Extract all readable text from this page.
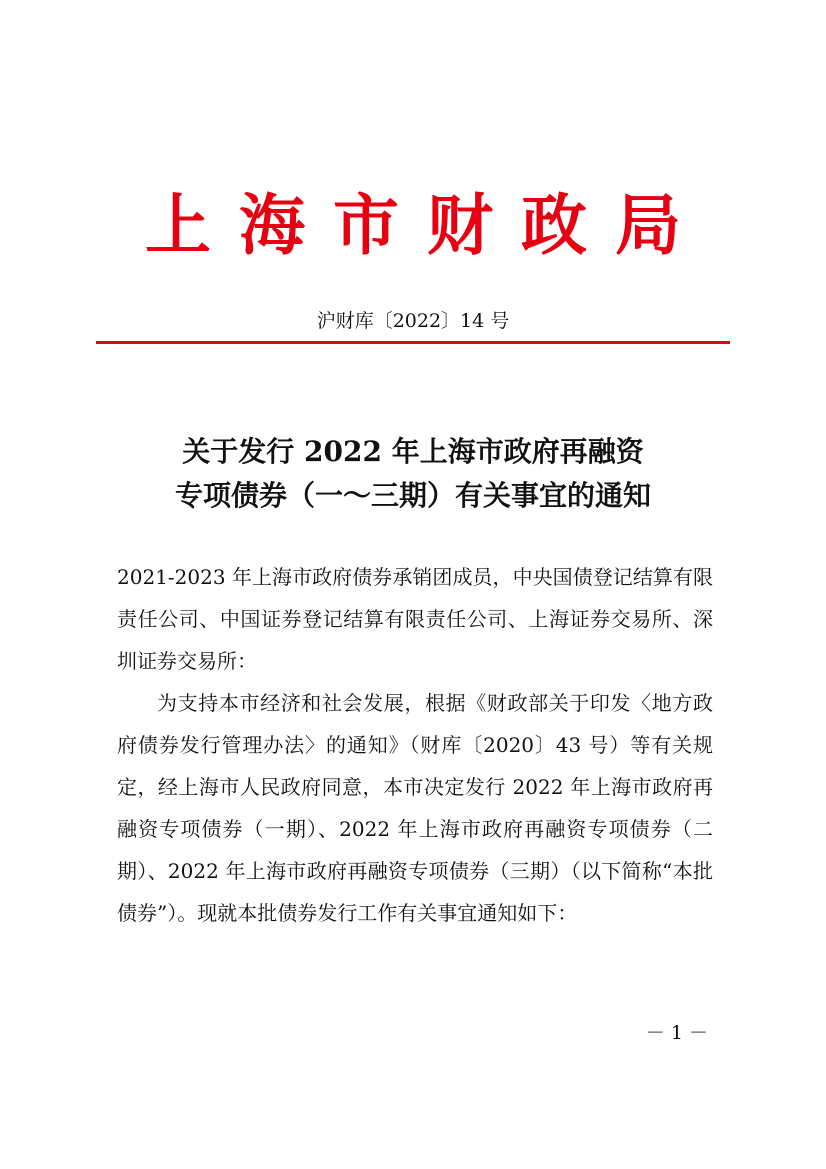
上海市财政局
沪财库〔2022〕14 号
关于发行 2022 年上海市政府再融资
专项债券（一～三期）有关事宜的通知

2021-2023 年上海市政府债券承销团成员，中央国债登记结算有限责任公司、中国证券登记结算有限责任公司、上海证券交易所、深圳证券交易所：

为支持本市经济和社会发展，根据《财政部关于印发〈地方政府债券发行管理办法〉的通知》（财库〔2020〕43 号）等有关规定，经上海市人民政府同意，本市决定发行 2022 年上海市政府再融资专项债券（一期）、2022 年上海市政府再融资专项债券（二期）、2022 年上海市政府再融资专项债券（三期）（以下简称“本批债券”）。现就本批债券发行工作有关事宜通知如下：

－ 1 －
